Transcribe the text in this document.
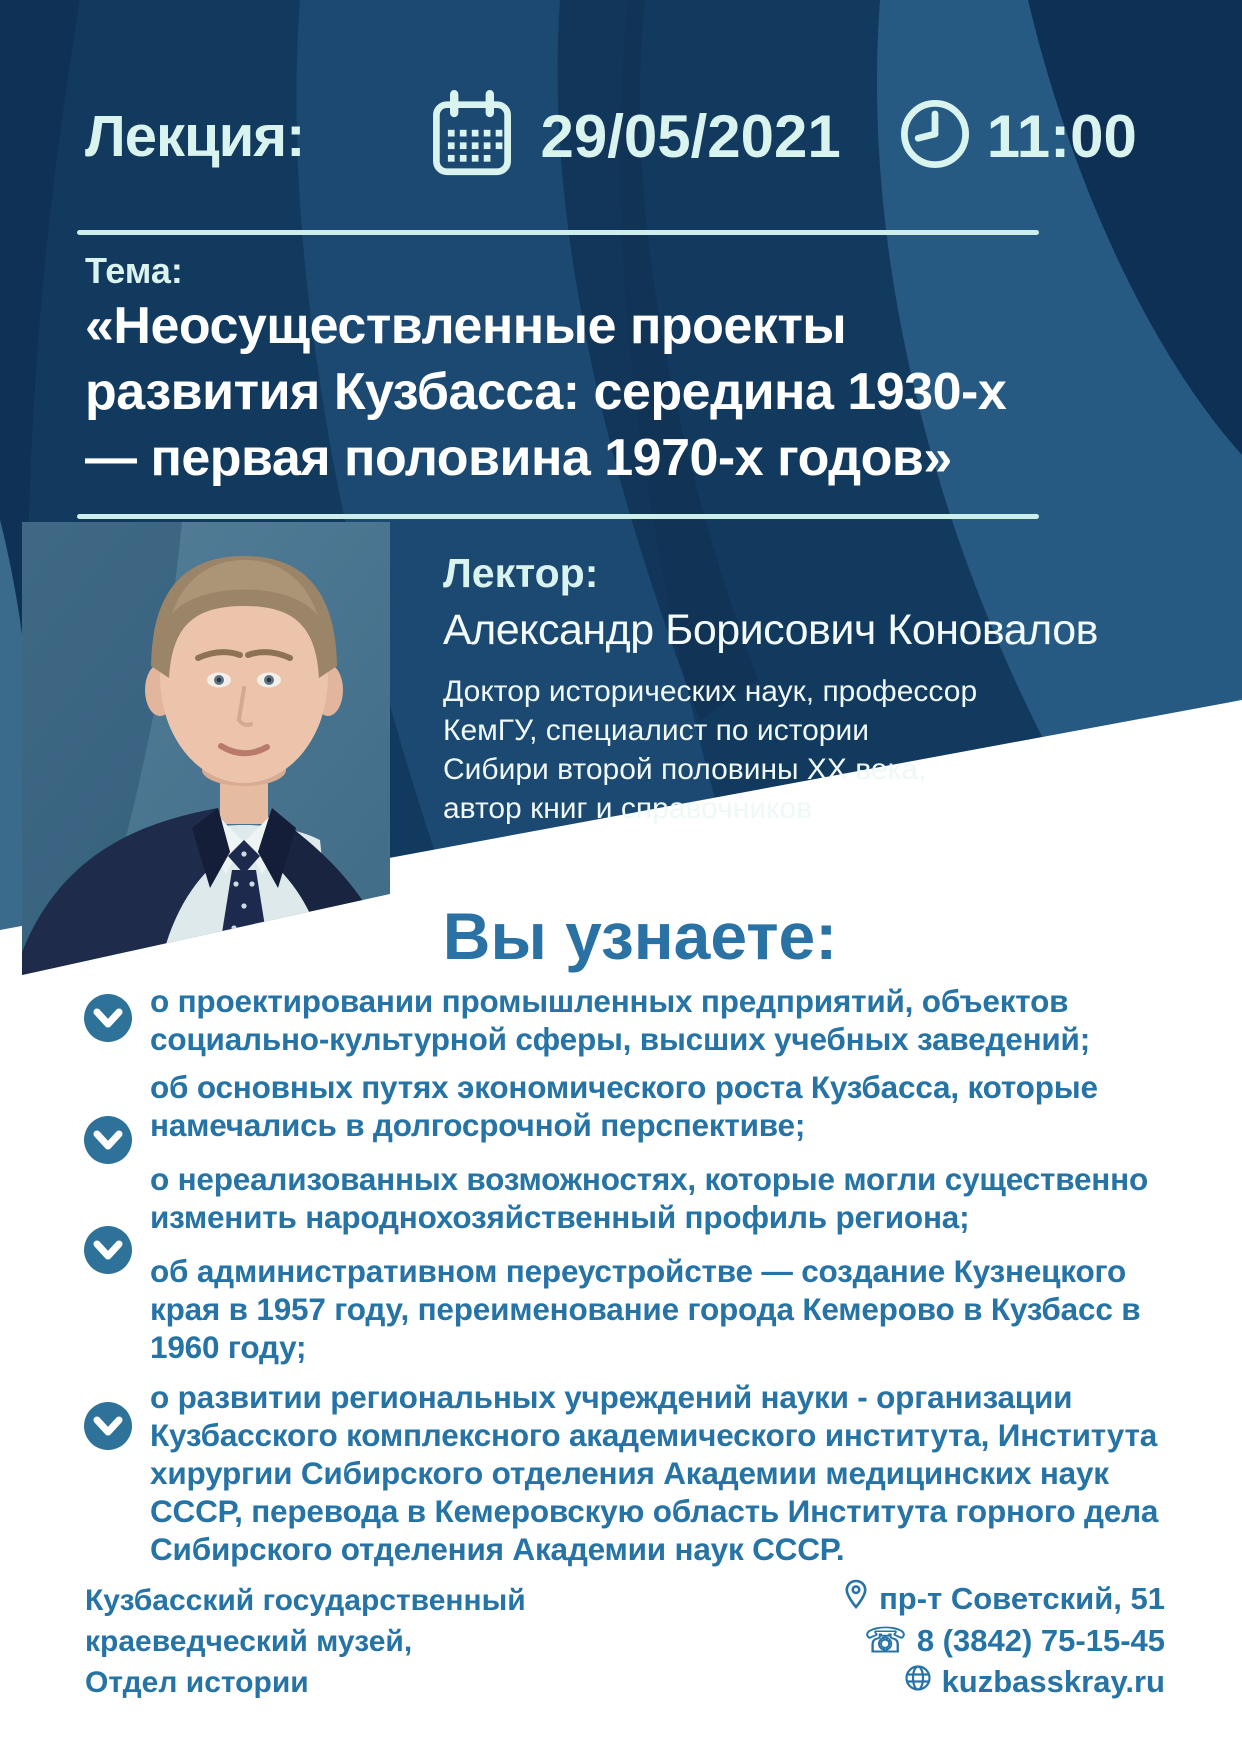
Лекция:	29/05/2021 11:00
Тема:
«Неосуществленные проекты
развития Кузбасса: середина 1930-х
— первая половина 1970-х годов»
Лектор:
Александр Борисович Коновалов
Доктор исторических наук, профессор
КемГУ, специалист по истории
Сибири второй половины XX века,
автор книг и справочников
Вы узнаете:

о проектировании промышленных предприятий, объектов социально-культурной сферы, высших учебных заведений;

об основных путях экономического роста Кузбасса, которые намечались в долгосрочной перспективе;

о нереализованных возможностях, которые могли существенно изменить народнохозяйственный профиль региона;

об административном переустройстве — создание Кузнецкого края в 1957 году, переименование города Кемерово в Кузбасс в 1960 году;

о развитии региональных учреждений науки - организации Кузбасского комплексного академического института, Института хирургии Сибирского отделения Академии медицинских наук СССР, перевода в Кемеровскую область Института горного дела Сибирского отделения Академии наук СССР.

Кузбасский государственный
краеведческий музей,
Отдел истории
пр-т Советский, 51
☏ 8 (3842) 75-15-45
kuzbasskray.ru
